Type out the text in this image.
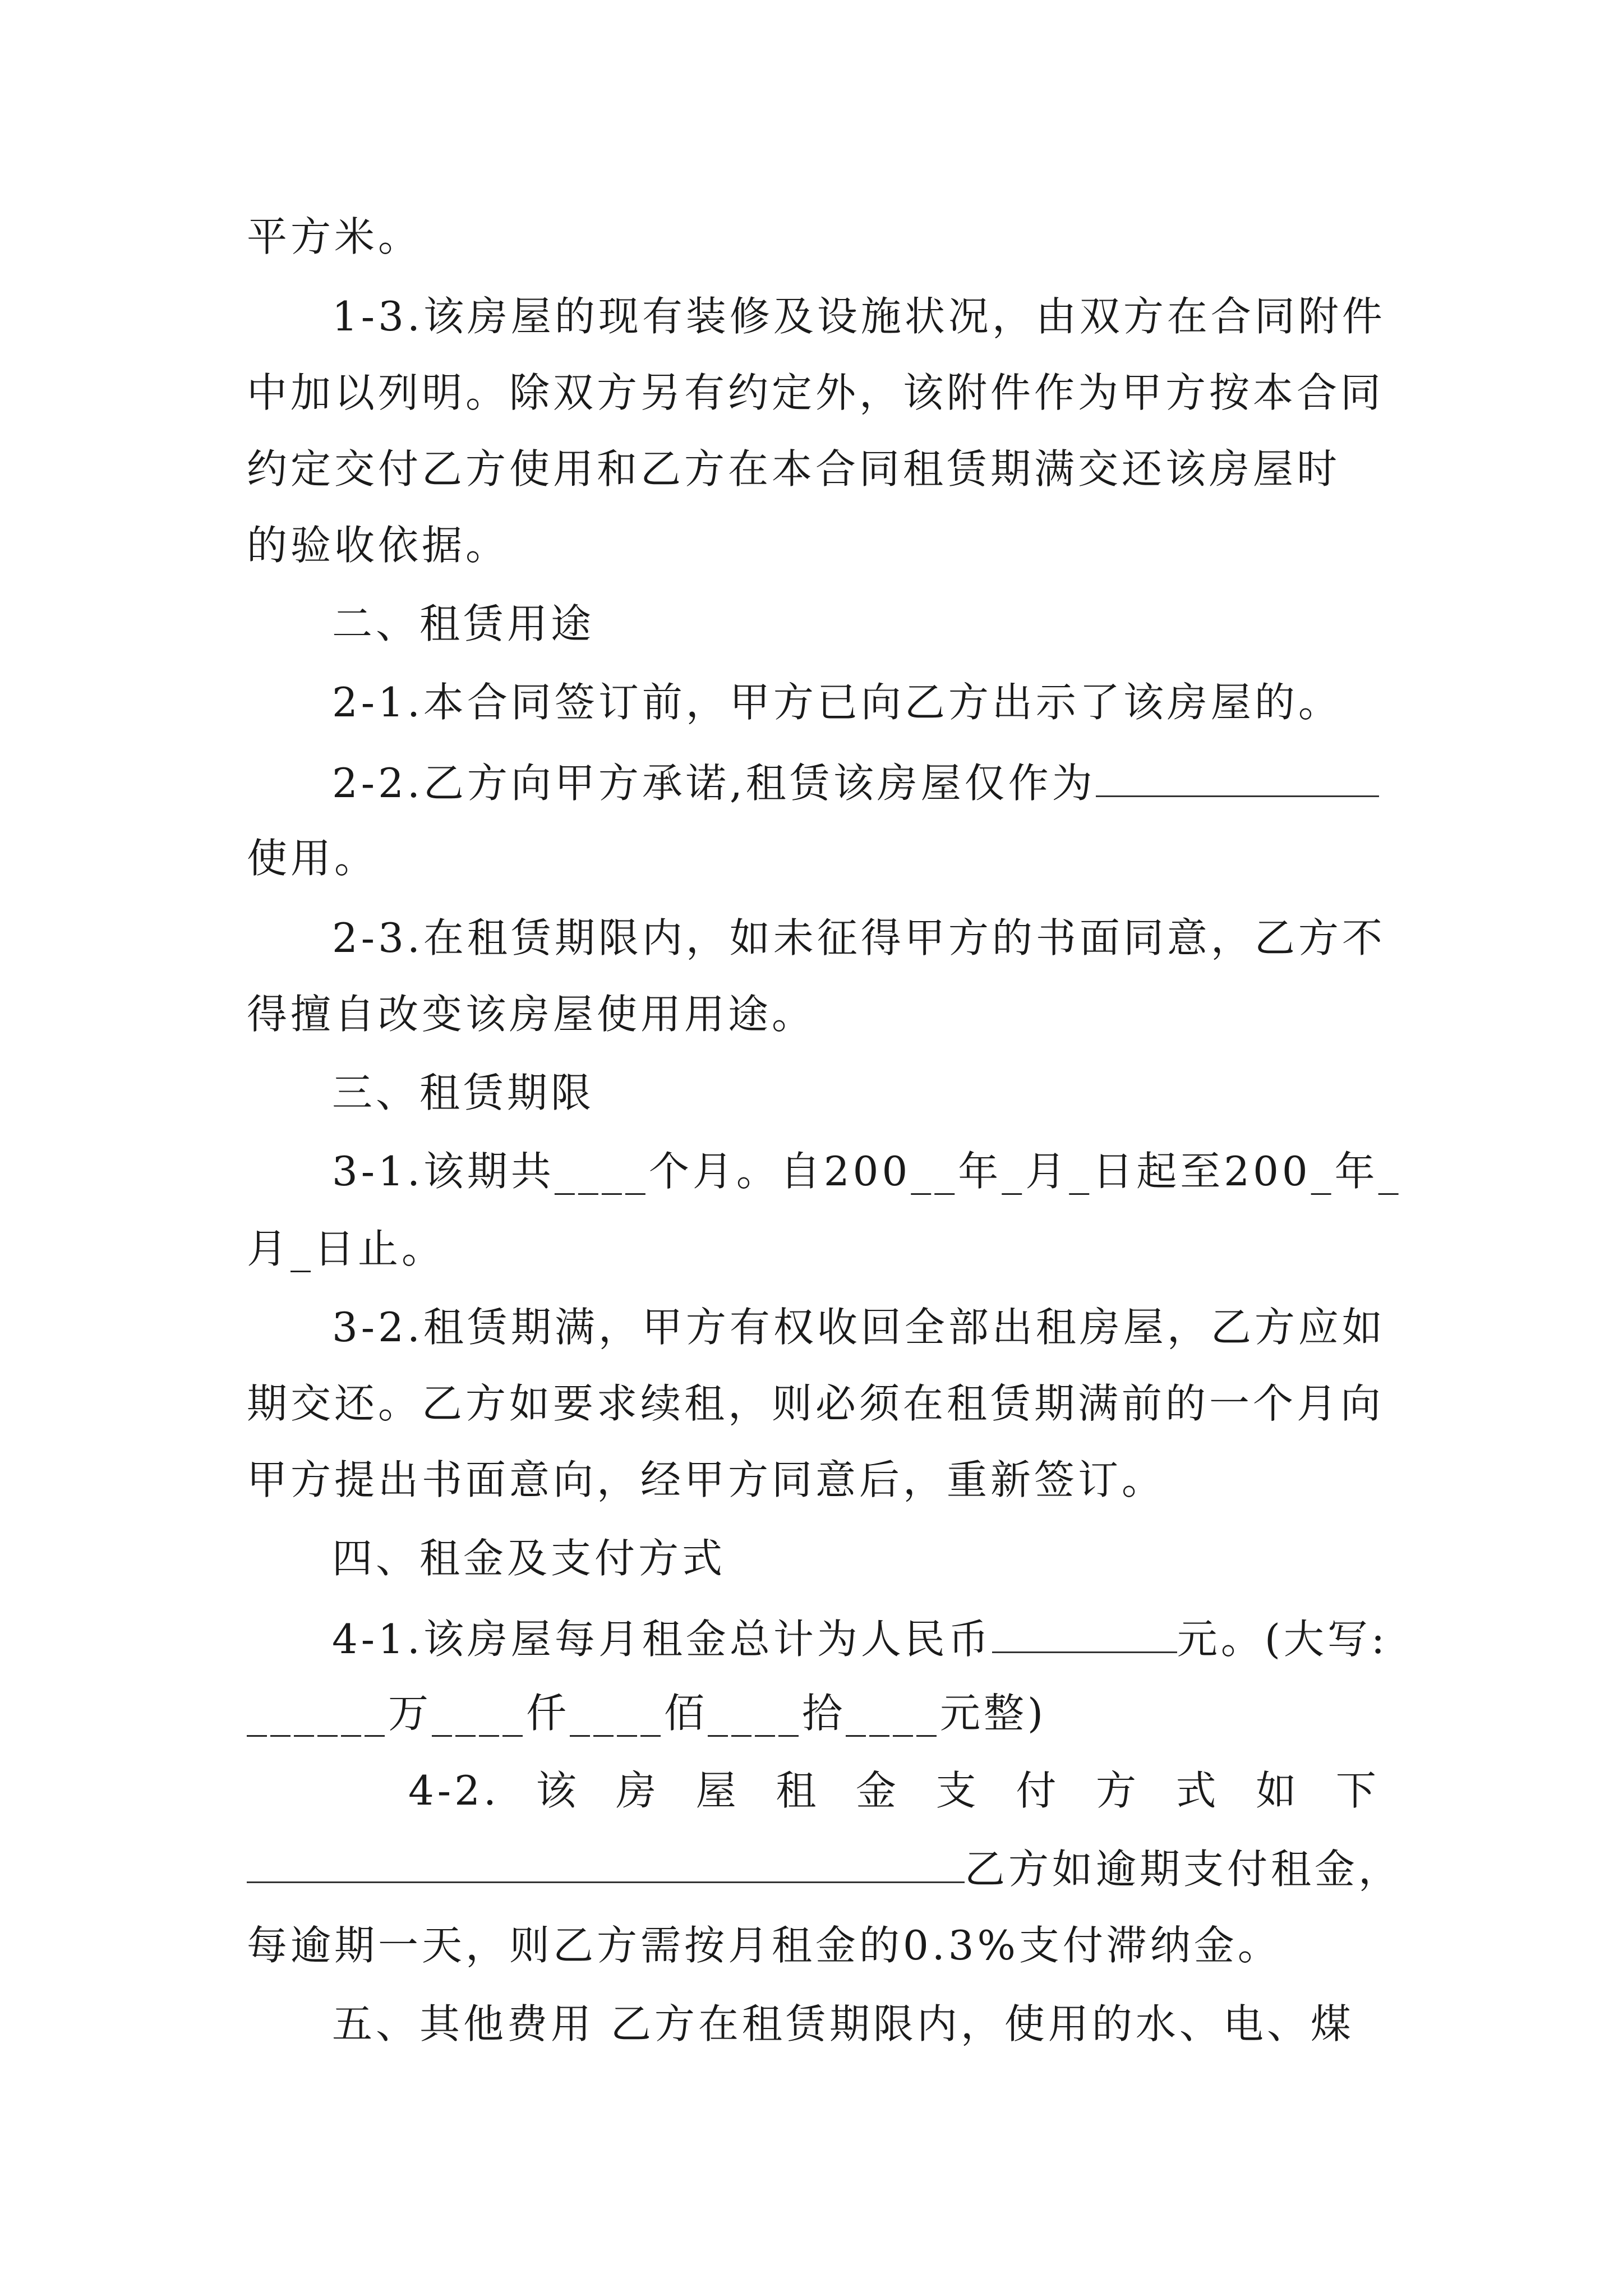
平方米。
1-3.该房屋的现有装修及设施状况，由双方在合同附件
中加以列明。除双方另有约定外，该附件作为甲方按本合同
约定交付乙方使用和乙方在本合同租赁期满交还该房屋时
的验收依据。
二、租赁用途
2-1.本合同签订前，甲方已向乙方出示了该房屋的。
2-2.乙方向甲方承诺,租赁该房屋仅作为
使用。
2-3.在租赁期限内，如未征得甲方的书面同意，乙方不
得擅自改变该房屋使用用途。
三、租赁期限
3-1.该期共____个月。自200__年_月_日起至200_年_
月_日止。
3-2.租赁期满，甲方有权收回全部出租房屋，乙方应如
期交还。乙方如要求续租，则必须在租赁期满前的一个月向
甲方提出书面意向，经甲方同意后，重新签订。
四、租金及支付方式
4-1.该房屋每月租金总计为人民币	元。(大写:
______万____仟____佰____拾____元整)
4-2. 该 房 屋 租 金 支 付 方 式 如 下
乙方如逾期支付租金，
每逾期一天，则乙方需按月租金的0.3%支付滞纳金。
五、其他费用 乙方在租赁期限内，使用的水、电、煤
